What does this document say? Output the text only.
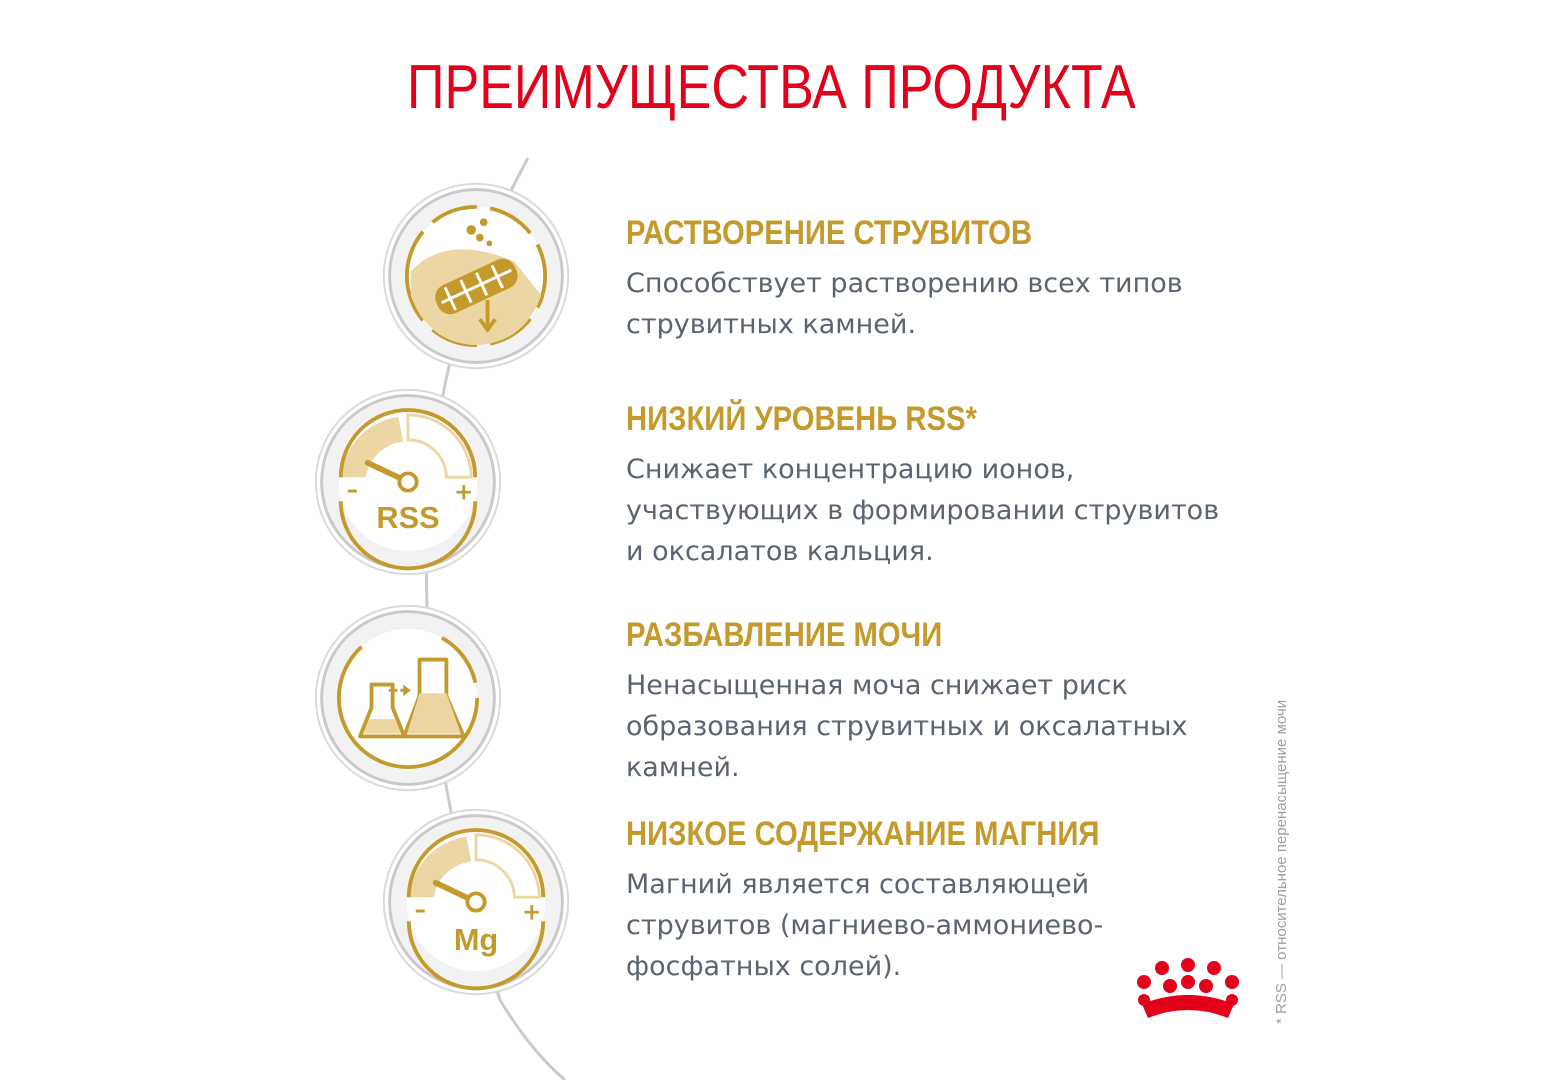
ПРЕИМУЩЕСТВА ПРОДУКТА
–	+
RSS
–	+
Mg
РАСТВОРЕНИЕ СТРУВИТОВ

Способствует растворению всех типов
струвитных камней.

НИЗКИЙ УРОВЕНЬ RSS*

Снижает концентрацию ионов,
участвующих в формировании струвитов
и оксалатов кальция.

РАЗБАВЛЕНИЕ МОЧИ

Ненасыщенная моча снижает риск
образования струвитных и оксалатных
камней.

НИЗКОЕ СОДЕРЖАНИЕ МАГНИЯ

Магний является составляющей
струвитов (магниево-аммониево-
фосфатных солей).	* RSS — относительное перенасыщение мочи
